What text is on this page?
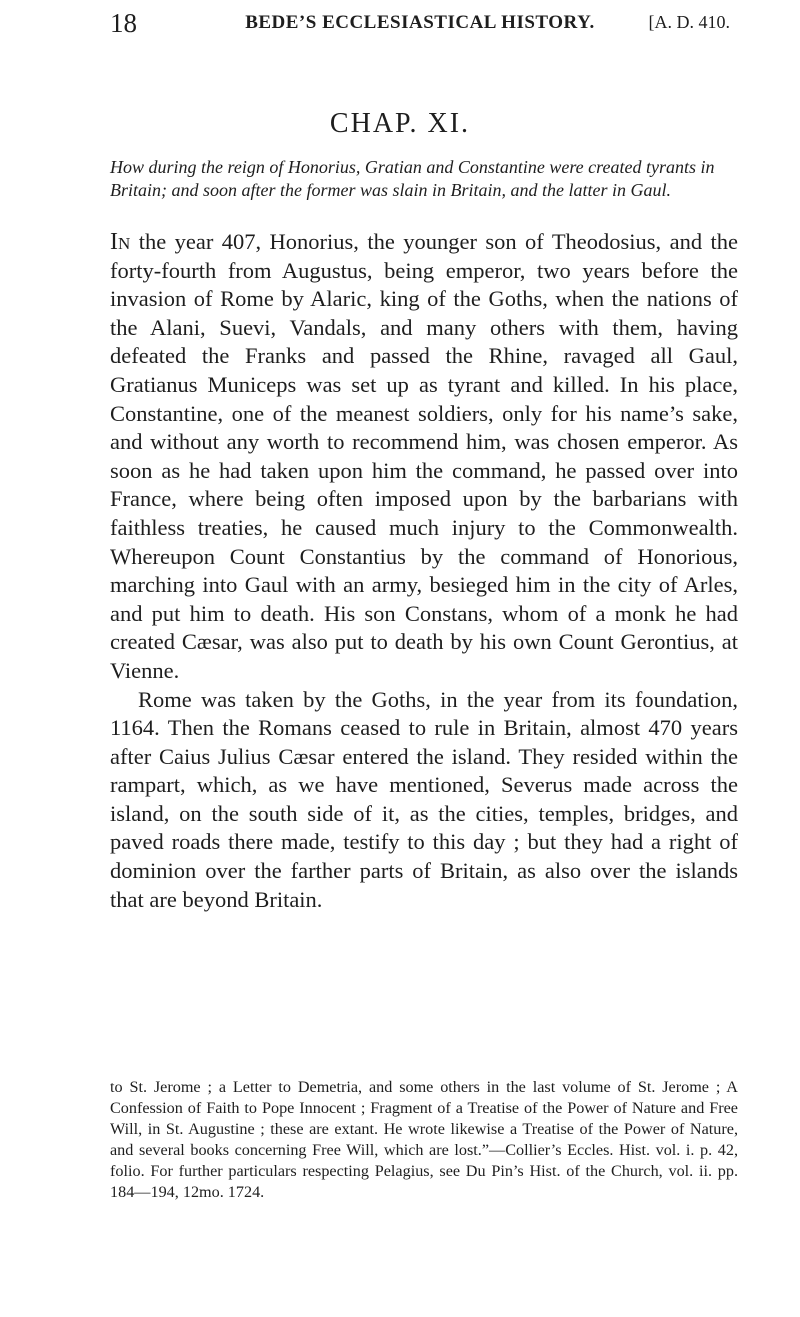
18	BEDE’S ECCLESIASTICAL HISTORY.	[A. D. 410.
CHAP. XI.
How during the reign of Honorius, Gratian and Constantine were created tyrants in Britain; and soon after the former was slain in Britain, and the latter in Gaul.

In the year 407, Honorius, the younger son of Theodosius, and the forty-fourth from Augustus, being emperor, two years before the invasion of Rome by Alaric, king of the Goths, when the nations of the Alani, Suevi, Vandals, and many others with them, having defeated the Franks and passed the Rhine, ravaged all Gaul, Gratianus Municeps was set up as tyrant and killed. In his place, Constantine, one of the meanest soldiers, only for his name’s sake, and without any worth to recommend him, was chosen emperor. As soon as he had taken upon him the command, he passed over into France, where being often imposed upon by the barbarians with faithless treaties, he caused much injury to the Commonwealth. Whereupon Count Constantius by the command of Honorious, marching into Gaul with an army, besieged him in the city of Arles, and put him to death. His son Constans, whom of a monk he had created Cæsar, was also put to death by his own Count Gerontius, at Vienne.

Rome was taken by the Goths, in the year from its foundation, 1164. Then the Romans ceased to rule in Britain, almost 470 years after Caius Julius Cæsar entered the island. They resided within the rampart, which, as we have mentioned, Severus made across the island, on the south side of it, as the cities, temples, bridges, and paved roads there made, testify to this day ; but they had a right of dominion over the farther parts of Britain, as also over the islands that are beyond Britain.

to St. Jerome ; a Letter to Demetria, and some others in the last volume of St. Jerome ; A Confession of Faith to Pope Innocent ; Fragment of a Treatise of the Power of Nature and Free Will, in St. Augustine ; these are extant. He wrote likewise a Treatise of the Power of Nature, and several books concerning Free Will, which are lost.”—Collier’s Eccles. Hist. vol. i. p. 42, folio. For further particulars respecting Pelagius, see Du Pin’s Hist. of the Church, vol. ii. pp. 184—194, 12mo. 1724.
